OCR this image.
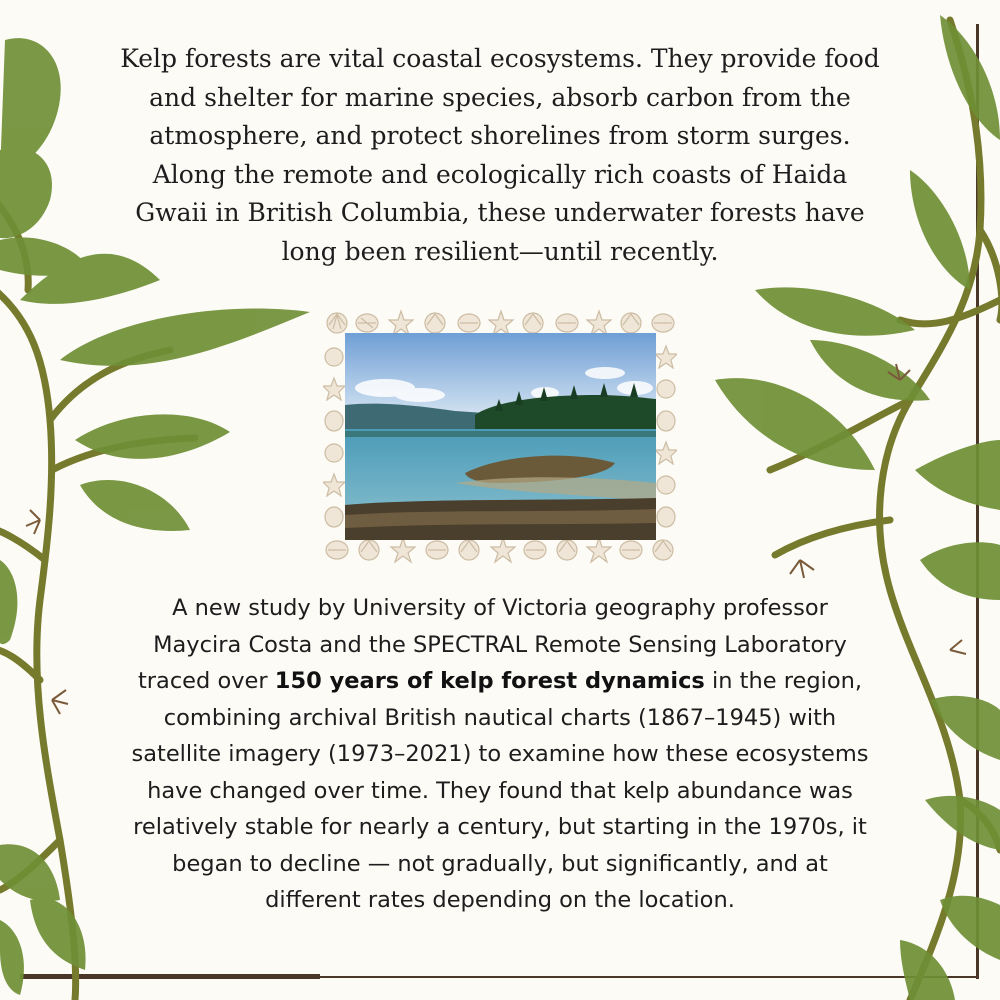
Kelp forests are vital coastal ecosystems. They provide food and shelter for marine species, absorb carbon from the atmosphere, and protect shorelines from storm surges. Along the remote and ecologically rich coasts of Haida Gwaii in British Columbia, these underwater forests have long been resilient—until recently.

A new study by University of Victoria geography professor Maycira Costa and the SPECTRAL Remote Sensing Laboratory traced over 150 years of kelp forest dynamics in the region, combining archival British nautical charts (1867–1945) with satellite imagery (1973–2021) to examine how these ecosystems have changed over time. They found that kelp abundance was relatively stable for nearly a century, but starting in the 1970s, it began to decline — not gradually, but significantly, and at different rates depending on the location.
